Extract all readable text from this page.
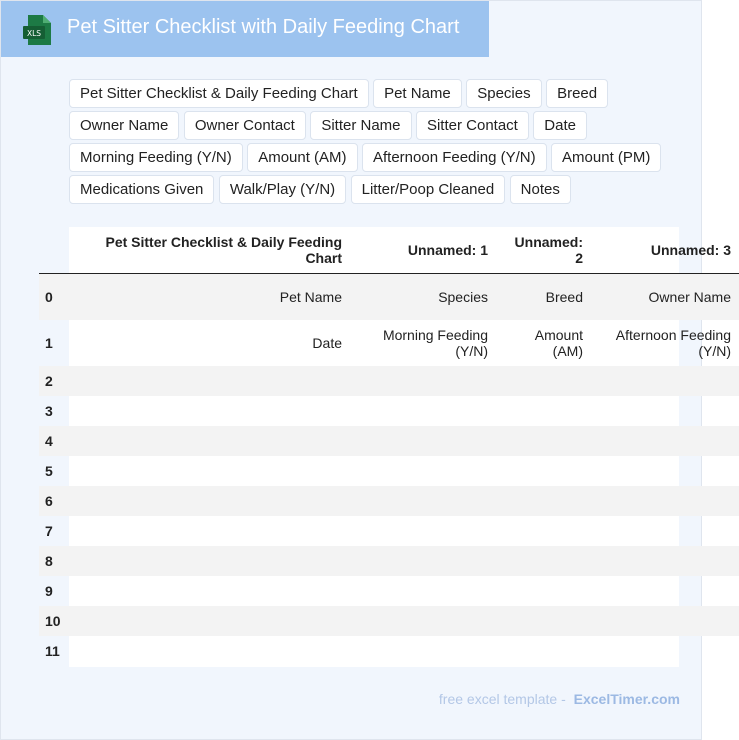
XLS Pet Sitter Checklist with Daily Feeding Chart
Pet Sitter Checklist & Daily Feeding Chart Pet Name Species Breed Owner Name Owner Contact Sitter Name Sitter Contact Date Morning Feeding (Y/N) Amount (AM) Afternoon Feeding (Y/N) Amount (PM) Medications Given Walk/Play (Y/N) Litter/Poop Cleaned Notes
	Pet Sitter Checklist & Daily Feeding Chart	Unnamed: 1	Unnamed: 2	Unnamed: 3
0	Pet Name	Species	Breed	Owner Name
1	Date	Morning Feeding (Y/N)	Amount (AM)	Afternoon Feeding (Y/N)
2				
3				
4				
5				
6				
7				
8				
9				
10				
11				
free excel template - ExcelTimer.com
